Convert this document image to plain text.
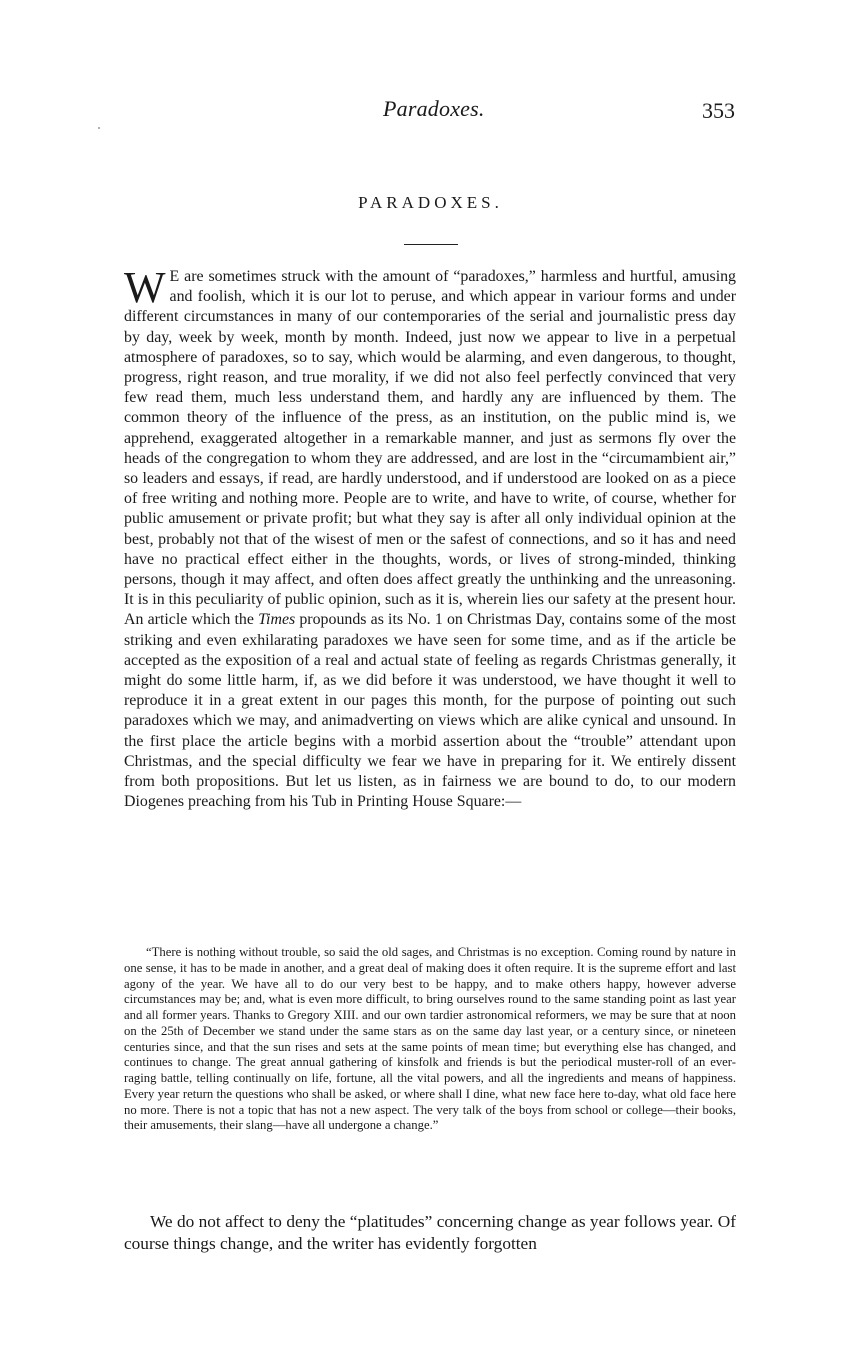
Paradoxes.	353
PARADOXES.

W E are sometimes struck with the amount of “paradoxes,” harmless and hurtful, amusing and foolish, which it is our lot to peruse, and which appear in variour forms and under different circumstances in many of our contemporaries of the serial and journalistic press day by day, week by week, month by month. Indeed, just now we appear to live in a perpetual atmosphere of paradoxes, so to say, which would be alarming, and even dangerous, to thought, progress, right reason, and true morality, if we did not also feel perfectly convinced that very few read them, much less understand them, and hardly any are influenced by them. The common theory of the influence of the press, as an institution, on the public mind is, we apprehend, exaggerated altogether in a remarkable manner, and just as sermons fly over the heads of the congregation to whom they are addressed, and are lost in the “circumambient air,” so leaders and essays, if read, are hardly understood, and if understood are looked on as a piece of free writing and nothing more. People are to write, and have to write, of course, whether for public amusement or private profit; but what they say is after all only individual opinion at the best, probably not that of the wisest of men or the safest of connections, and so it has and need have no practical effect either in the thoughts, words, or lives of strong-minded, thinking persons, though it may affect, and often does affect greatly the unthinking and the unreasoning. It is in this peculiarity of public opinion, such as it is, wherein lies our safety at the present hour. An article which the Times propounds as its No. 1 on Christmas Day, contains some of the most striking and even exhilarating paradoxes we have seen for some time, and as if the article be accepted as the exposition of a real and actual state of feeling as regards Christmas generally, it might do some little harm, if, as we did before it was understood, we have thought it well to reproduce it in a great extent in our pages this month, for the purpose of pointing out such paradoxes which we may, and animadverting on views which are alike cynical and unsound. In the first place the article begins with a morbid assertion about the “trouble” attendant upon Christmas, and the special difficulty we fear we have in preparing for it. We entirely dissent from both propositions. But let us listen, as in fairness we are bound to do, to our modern Diogenes preaching from his Tub in Printing House Square:—

“There is nothing without trouble, so said the old sages, and Christmas is no exception. Coming round by nature in one sense, it has to be made in another, and a great deal of making does it often require. It is the supreme effort and last agony of the year. We have all to do our very best to be happy, and to make others happy, however adverse circumstances may be; and, what is even more difficult, to bring ourselves round to the same standing point as last year and all former years. Thanks to Gregory XIII. and our own tardier astronomical reformers, we may be sure that at noon on the 25th of December we stand under the same stars as on the same day last year, or a century since, or nineteen centuries since, and that the sun rises and sets at the same points of mean time; but everything else has changed, and continues to change. The great annual gathering of kinsfolk and friends is but the periodical muster-roll of an ever-raging battle, telling continually on life, fortune, all the vital powers, and all the ingredients and means of happiness. Every year return the questions who shall be asked, or where shall I dine, what new face here to-day, what old face here no more. There is not a topic that has not a new aspect. The very talk of the boys from school or college—their books, their amusements, their slang—have all undergone a change.”

We do not affect to deny the “platitudes” concerning change as year follows year. Of course things change, and the writer has evidently forgotten
